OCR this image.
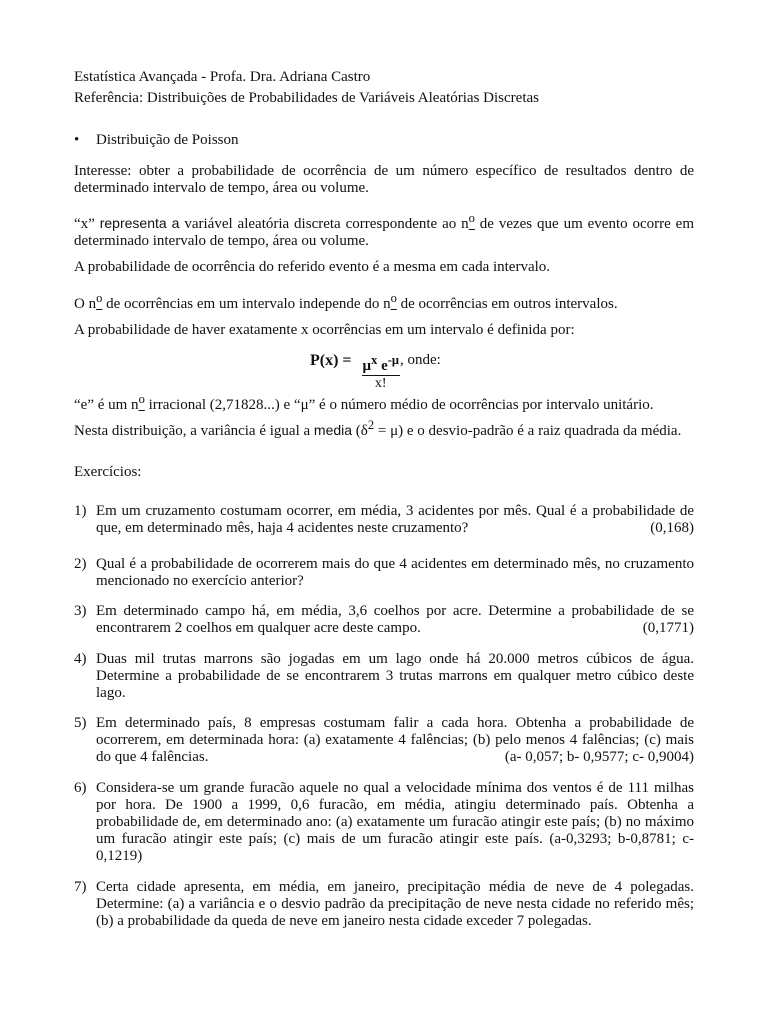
Estatística Avançada - Profa. Dra. Adriana Castro

Referência: Distribuições de Probabilidades de Variáveis Aleatórias Discretas

•	Distribuição de Poisson

Interesse: obter a probabilidade de ocorrência de um número específico de resultados dentro de determinado intervalo de tempo, área ou volume.

“x” representa a variável aleatória discreta correspondente ao $n^o$ de vezes que um evento ocorre em determinado intervalo de tempo, área ou volume.

A probabilidade de ocorrência do referido evento é a mesma em cada intervalo.

O $n^o$ de ocorrências em um intervalo independe do $n^o$ de ocorrências em outros intervalos.

A probabilidade de haver exatamente x ocorrências em um intervalo é definida por:

$P(x) = \frac{\mu^x e^{-\mu}}{x!}$ , onde:

“e” é um $n^o$ irracional (2,71828...) e “μ” é o número médio de ocorrências por intervalo unitário.

Nesta distribuição, a variância é igual a media $(\delta^2 = \mu)$ e o desvio-padrão é a raiz quadrada da média.

Exercícios:

1) Em um cruzamento costumam ocorrer, em média, 3 acidentes por mês. Qual é a probabilidade de que, em determinado mês, haja 4 acidentes neste cruzamento?	(0,168)

2) Qual é a probabilidade de ocorrerem mais do que 4 acidentes em determinado mês, no cruzamento mencionado no exercício anterior?

3) Em determinado campo há, em média, 3,6 coelhos por acre. Determine a probabilidade de se encontrarem 2 coelhos em qualquer acre deste campo.	(0,1771)

4) Duas mil trutas marrons são jogadas em um lago onde há 20.000 metros cúbicos de água. Determine a probabilidade de se encontrarem 3 trutas marrons em qualquer metro cúbico deste lago.

5) Em determinado país, 8 empresas costumam falir a cada hora. Obtenha a probabilidade de ocorrerem, em determinada hora: (a) exatamente 4 falências; (b) pelo menos 4 falências; (c) mais do que 4 falências.	(a- 0,057; b- 0,9577; c- 0,9004)

6) Considera-se um grande furacão aquele no qual a velocidade mínima dos ventos é de 111 milhas por hora. De 1900 a 1999, 0,6 furacão, em média, atingiu determinado país. Obtenha a probabilidade de, em determinado ano: (a) exatamente um furacão atingir este país; (b) no máximo um furacão atingir este país; (c) mais de um furacão atingir este país. (a-0,3293; b-0,8781; c-0,1219)

7) Certa cidade apresenta, em média, em janeiro, precipitação média de neve de 4 polegadas. Determine: (a) a variância e o desvio padrão da precipitação de neve nesta cidade no referido mês; (b) a probabilidade da queda de neve em janeiro nesta cidade exceder 7 polegadas.
